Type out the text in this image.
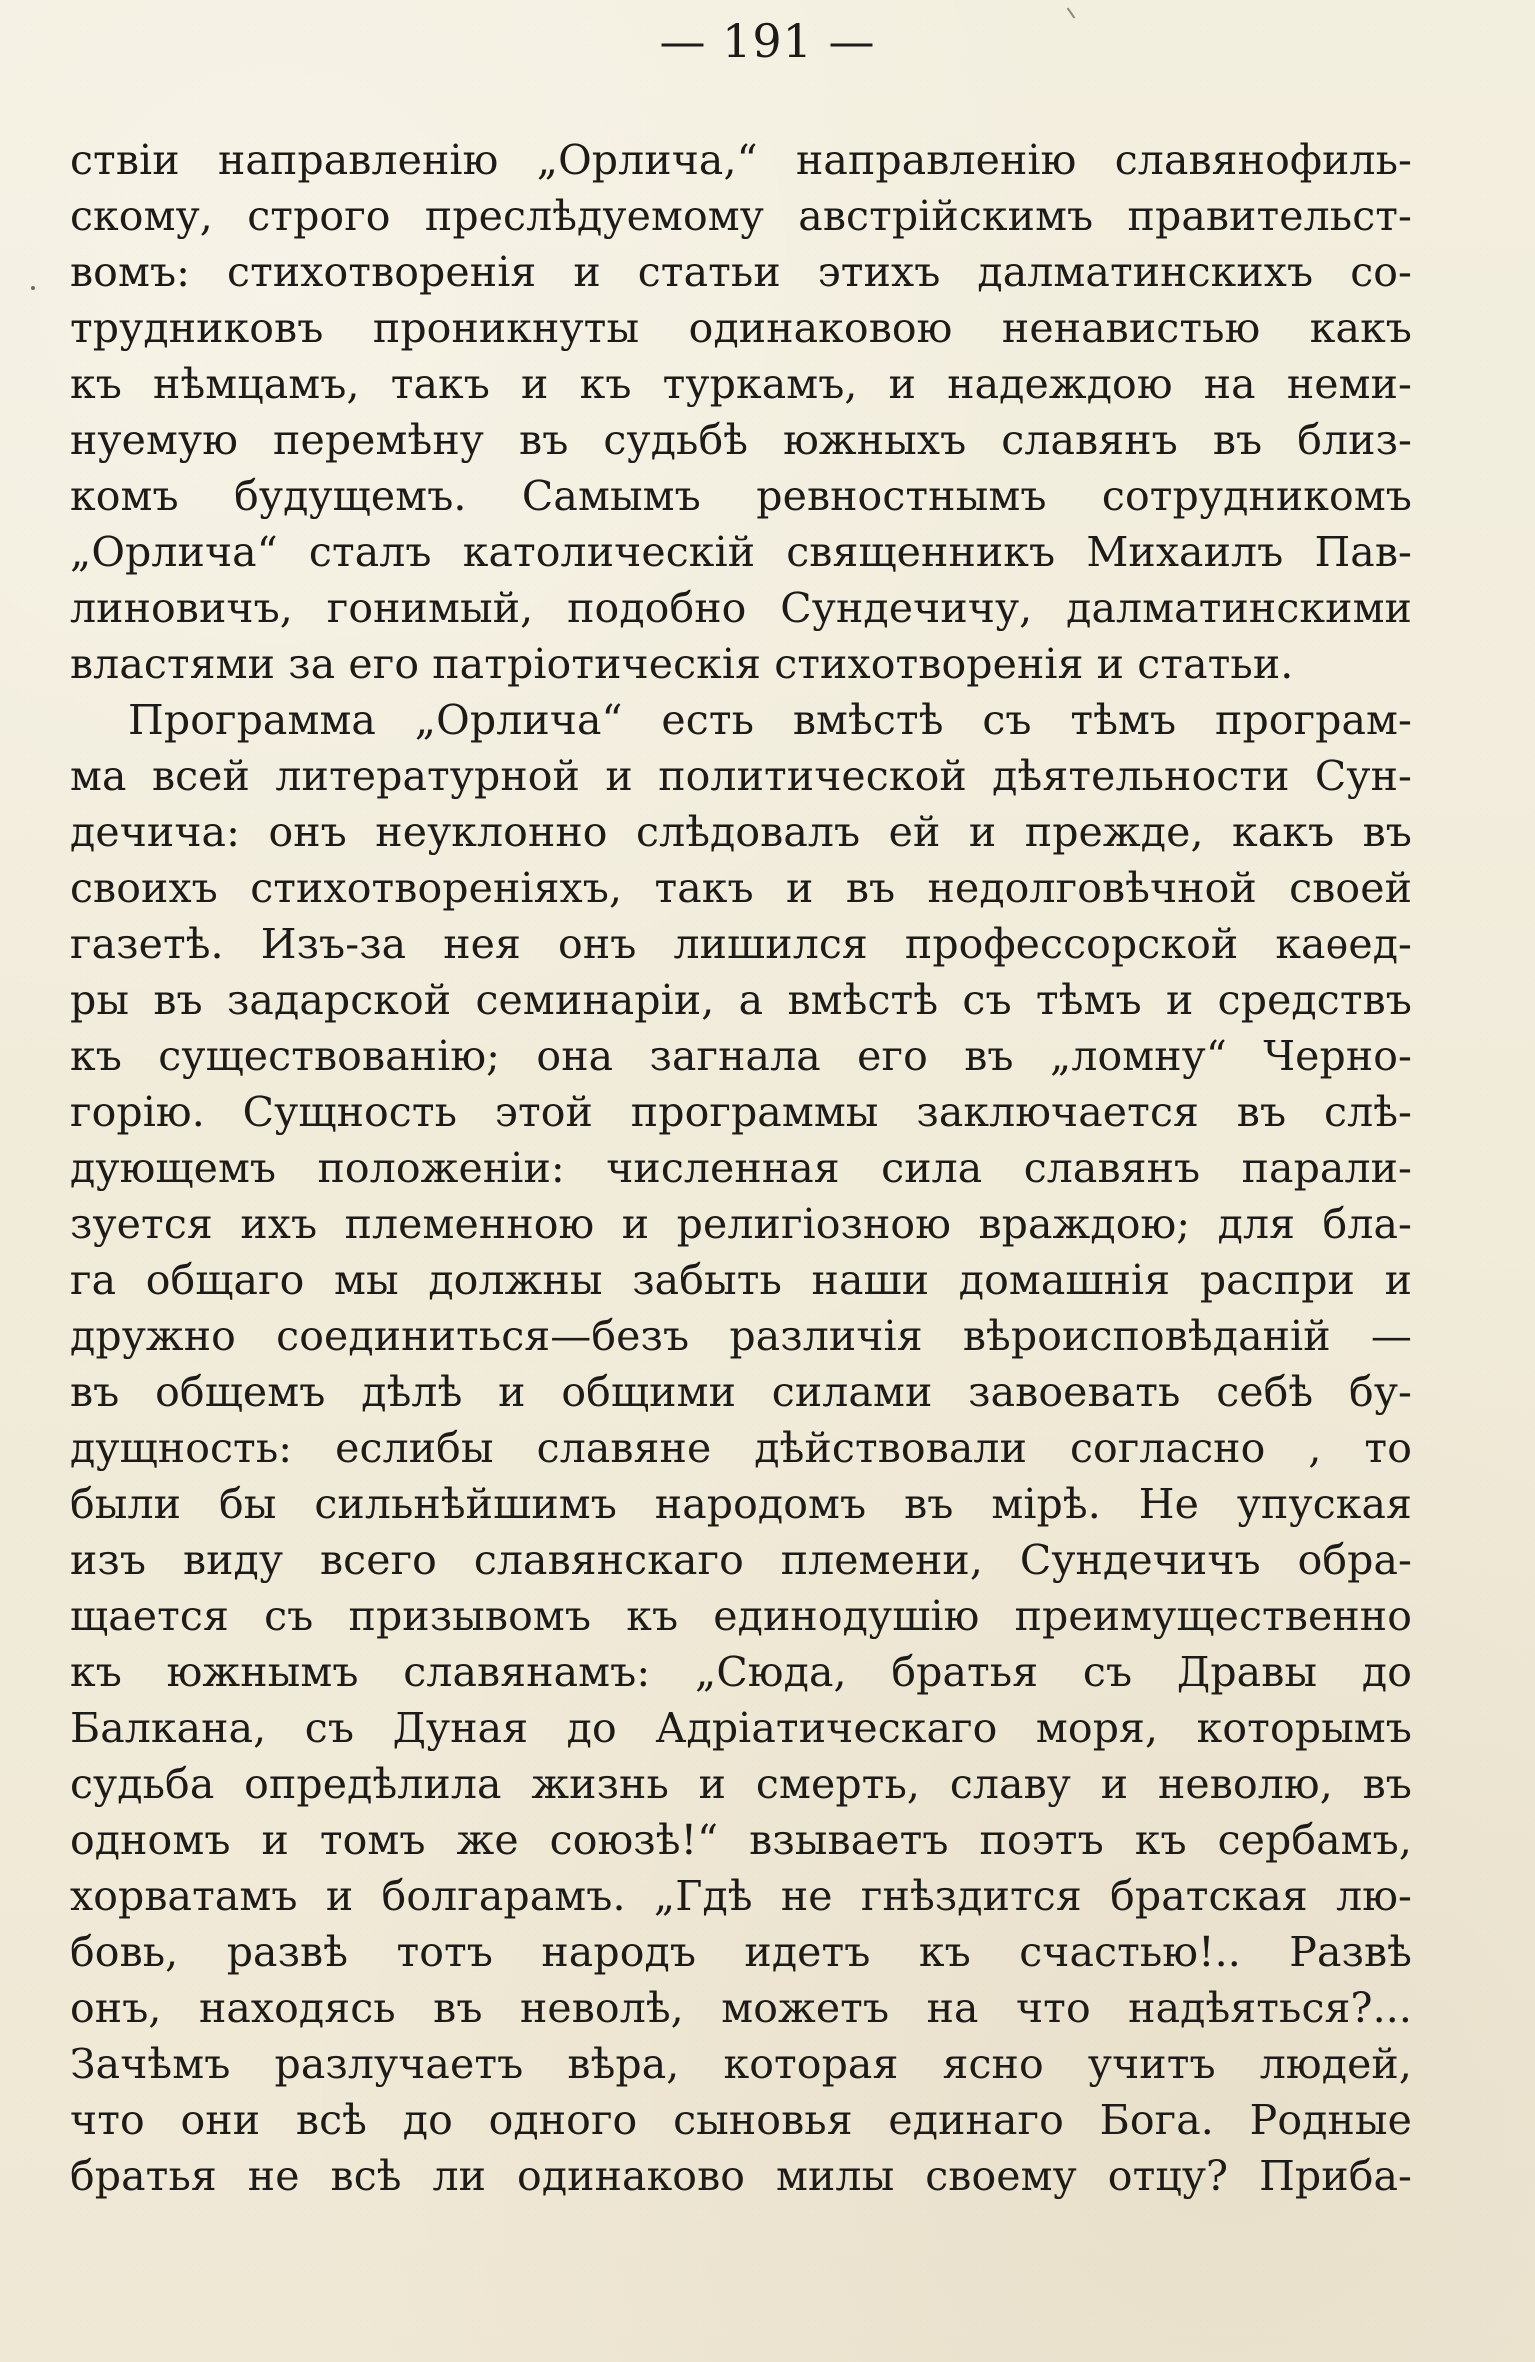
— 191 —
ствіи направленію „Орлича,“ направленію славянофиль-
скому, строго преслѣдуемому австрійскимъ правительст-
вомъ: стихотворенія и статьи этихъ далматинскихъ со-
трудниковъ проникнуты одинаковою ненавистью какъ
къ нѣмцамъ, такъ и къ туркамъ, и надеждою на неми-
нуемую перемѣну въ судьбѣ южныхъ славянъ въ близ-
комъ будущемъ. Самымъ ревностнымъ сотрудникомъ
„Орлича“ сталъ католическій священникъ Михаилъ Пав-
линовичъ, гонимый, подобно Сундечичу, далматинскими
властями за его патріотическія стихотворенія и статьи.
Программа „Орлича“ есть вмѣстѣ съ тѣмъ програм-
ма всей литературной и политической дѣятельности Сун-
дечича: онъ неуклонно слѣдовалъ ей и прежде, какъ въ
своихъ стихотвореніяхъ, такъ и въ недолговѣчной своей
газетѣ. Изъ-за нея онъ лишился профессорской каѳед-
ры въ задарской семинаріи, а вмѣстѣ съ тѣмъ и средствъ
къ существованію; она загнала его въ „ломну“ Черно-
горію. Сущность этой программы заключается въ слѣ-
дующемъ положеніи: численная сила славянъ парали-
зуется ихъ племенною и религіозною враждою; для бла-
га общаго мы должны забыть наши домашнія распри и
дружно соединиться—безъ различія вѣроисповѣданій —
въ общемъ дѣлѣ и общими силами завоевать себѣ бу-
дущность: еслибы славяне дѣйствовали согласно , то
были бы сильнѣйшимъ народомъ въ мірѣ. Не упуская
изъ виду всего славянскаго племени, Сундечичъ обра-
щается съ призывомъ къ единодушію преимущественно
къ южнымъ славянамъ: „Сюда, братья съ Дравы до
Балкана, съ Дуная до Адріатическаго моря, которымъ
судьба опредѣлила жизнь и смерть, славу и неволю, въ
одномъ и томъ же союзѣ!“ взываетъ поэтъ къ сербамъ,
хорватамъ и болгарамъ. „Гдѣ не гнѣздится братская лю-
бовь, развѣ тотъ народъ идетъ къ счастью!.. Развѣ
онъ, находясь въ неволѣ, можетъ на что надѣяться?...
Зачѣмъ разлучаетъ вѣра, которая ясно учитъ людей,
что они всѣ до одного сыновья единаго Бога. Родные
братья не всѣ ли одинаково милы своему отцу? Приба-
